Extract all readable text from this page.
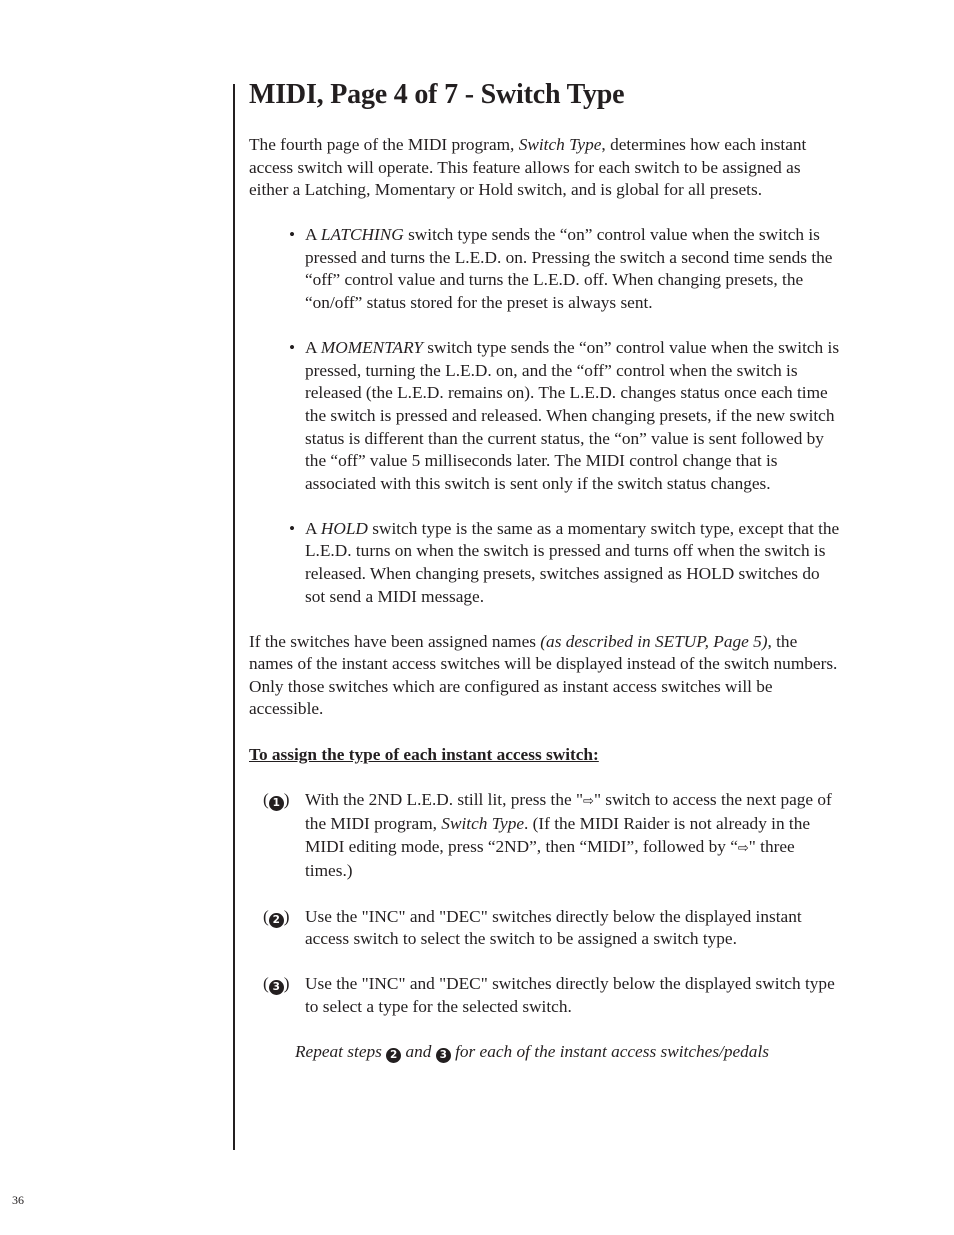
MIDI, Page 4 of 7 - Switch Type

The fourth page of the MIDI program, Switch Type, determines how each instant access switch will operate. This feature allows for each switch to be assigned as either a Latching, Momentary or Hold switch, and is global for all presets.

• A LATCHING switch type sends the “on” control value when the switch is pressed and turns the L.E.D. on. Pressing the switch a second time sends the “off” control value and turns the L.E.D. off. When changing presets, the “on/off” status stored for the preset is always sent.
• A MOMENTARY switch type sends the “on” control value when the switch is pressed, turning the L.E.D. on, and the “off” control when the switch is released (the L.E.D. remains on). The L.E.D. changes status once each time the switch is pressed and released. When changing presets, if the new switch status is different than the current status, the “on” value is sent followed by the “off” value 5 milliseconds later. The MIDI control change that is associated with this switch is sent only if the switch status changes.
• A HOLD switch type is the same as a momentary switch type, except that the L.E.D. turns on when the switch is pressed and turns off when the switch is released. When changing presets, switches assigned as HOLD switches do sot send a MIDI message.

If the switches have been assigned names (as described in SETUP, Page 5), the names of the instant access switches will be displayed instead of the switch numbers. Only those switches which are configured as instant access switches will be accessible.

To assign the type of each instant access switch:

( 1 ) With the 2ND L.E.D. still lit, press the "⇨" switch to access the next page of the MIDI program, Switch Type. (If the MIDI Raider is not already in the MIDI editing mode, press “2ND”, then “MIDI”, followed by “⇨" three times.)
( 2 ) Use the "INC" and "DEC" switches directly below the displayed instant access switch to select the switch to be assigned a switch type.
( 3 ) Use the "INC" and "DEC" switches directly below the displayed switch type to select a type for the selected switch.

Repeat steps 2 and 3 for each of the instant access switches/pedals

36
